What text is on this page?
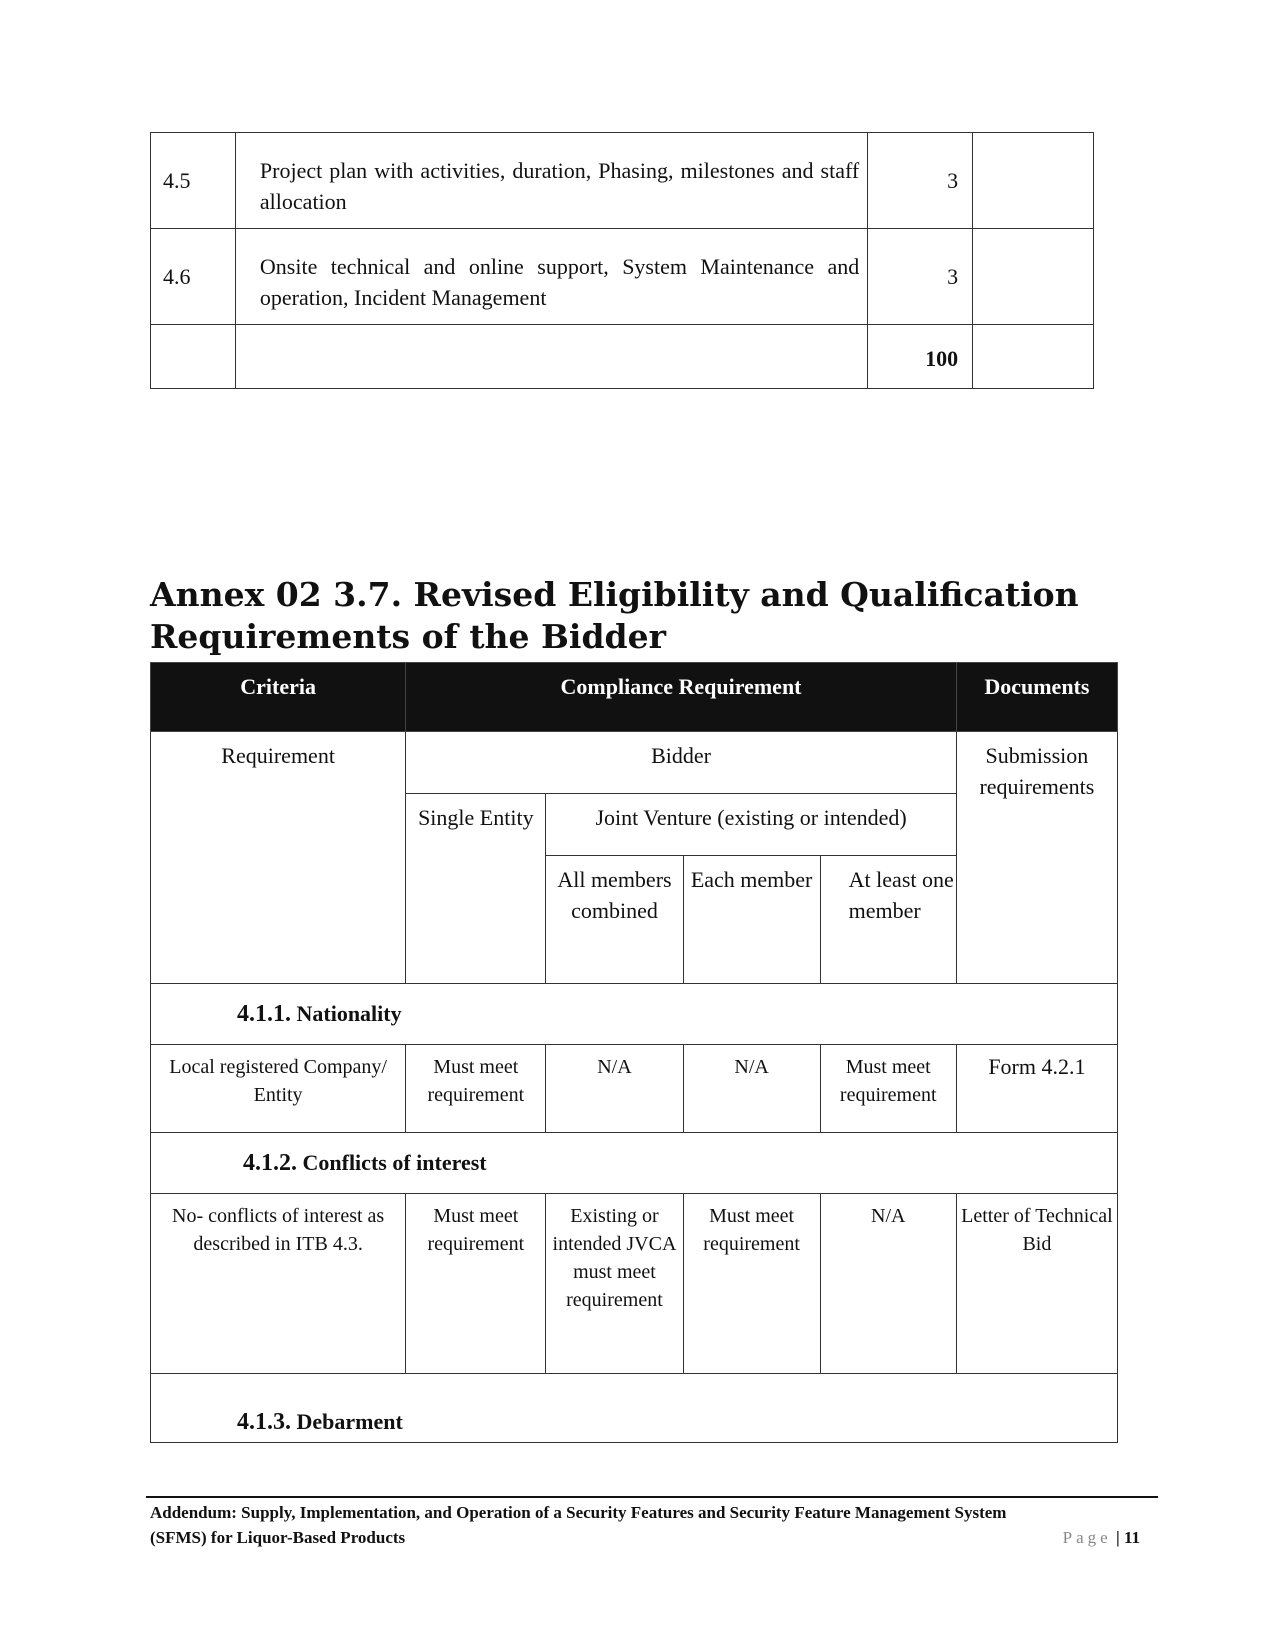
4.5	Project plan with activities, duration, Phasing, milestones and staff allocation	3	
4.6	Onsite technical and online support, System Maintenance and operation, Incident Management	3	
		100	
Annex 02 3.7. Revised Eligibility and Qualification
Requirements of the Bidder
Criteria	Compliance Requirement				Documents
Requirement	Bidder				Submission requirements
	Single Entity	Joint Venture (existing or intended)			
		All members combined	Each member	At least one member	
4.1.1. Nationality					
Local registered Company/ Entity	Must meet requirement	N/A	N/A	Must meet requirement	Form 4.2.1
4.1.2. Conflicts of interest					
No- conflicts of interest as described in ITB 4.3.	Must meet requirement	Existing or intended JVCA must meet requirement	Must meet requirement	N/A	Letter of Technical Bid
4.1.3. Debarment					
Addendum: Supply, Implementation, and Operation of a Security Features and Security Feature Management System
(SFMS) for Liquor-Based Products	Page | 11
